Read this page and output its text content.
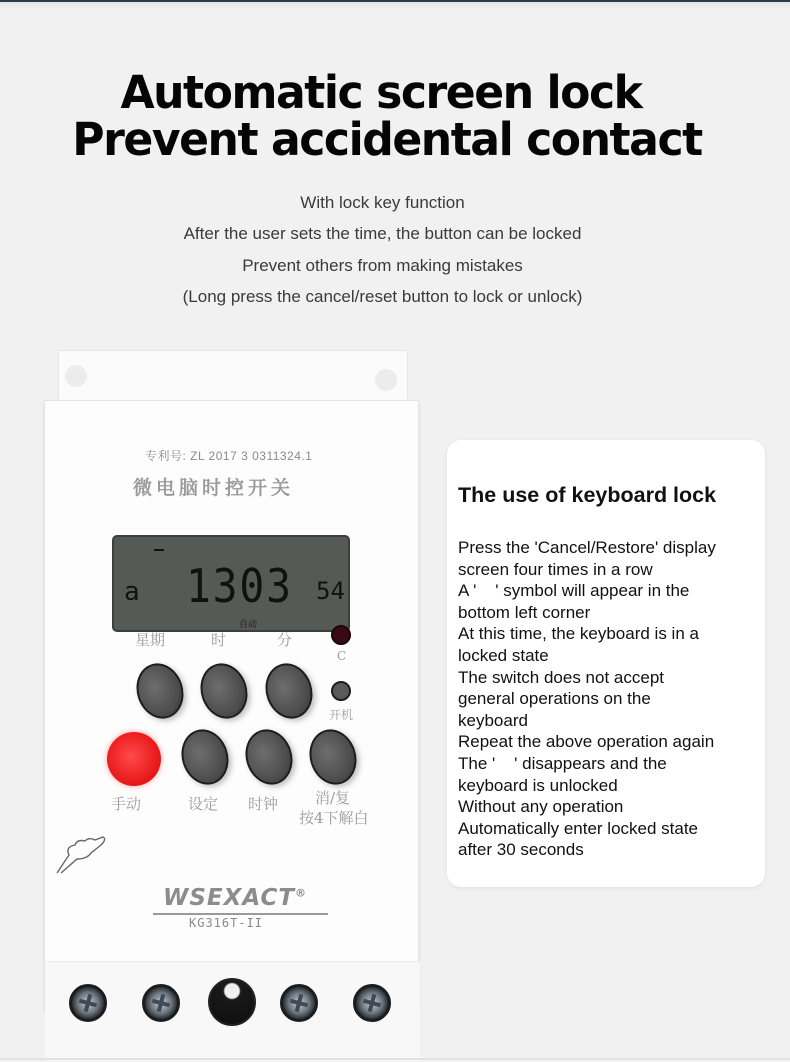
Automatic screen lock
Prevent accidental contact
With lock key function
After the user sets the time, the button can be locked
Prevent others from making mistakes
(Long press the cancel/reset button to lock or unlock)
专利号: ZL 2017 3 0311324.1
微电脑时控开关
a 1303 54
自动
星期	时	分
C
开机
手动	设定 时钟 消/复
按4下解白
WSEXACT®
KG316T-II
The use of keyboard lock
Press the 'Cancel/Restore' display
screen four times in a row
A '    ' symbol will appear in the
bottom left corner
At this time, the keyboard is in a
locked state
The switch does not accept
general operations on the
keyboard
Repeat the above operation again
The '    ' disappears and the
keyboard is unlocked
Without any operation
Automatically enter locked state
after 30 seconds
